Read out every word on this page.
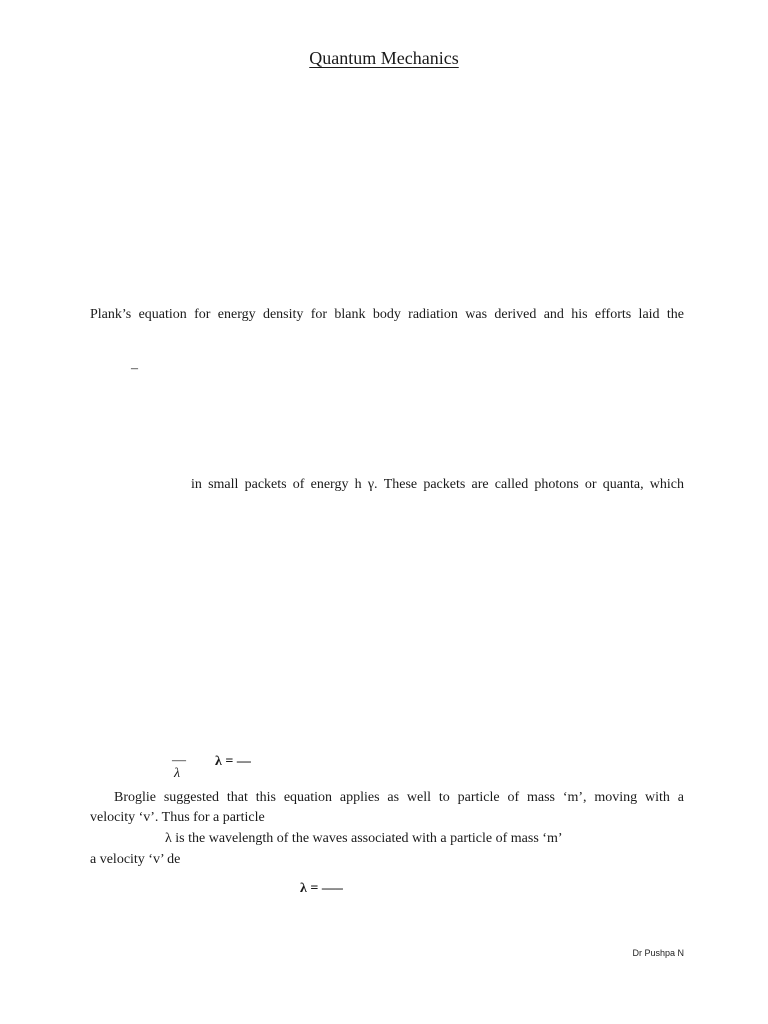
Quantum Mechanics
Plank’s equation for energy density for blank body radiation was derived and his efforts laid the
–
in small packets of energy h γ. These packets are called photons or quanta, which
—
λ
λ = —
Broglie suggested that this equation applies as well to particle of mass ‘m’, moving with a
velocity ‘v’. Thus for a particle
λ is the wavelength of the waves associated with a particle of mass ‘m’
a velocity ‘v’ de
λ = —–
Dr Pushpa N
